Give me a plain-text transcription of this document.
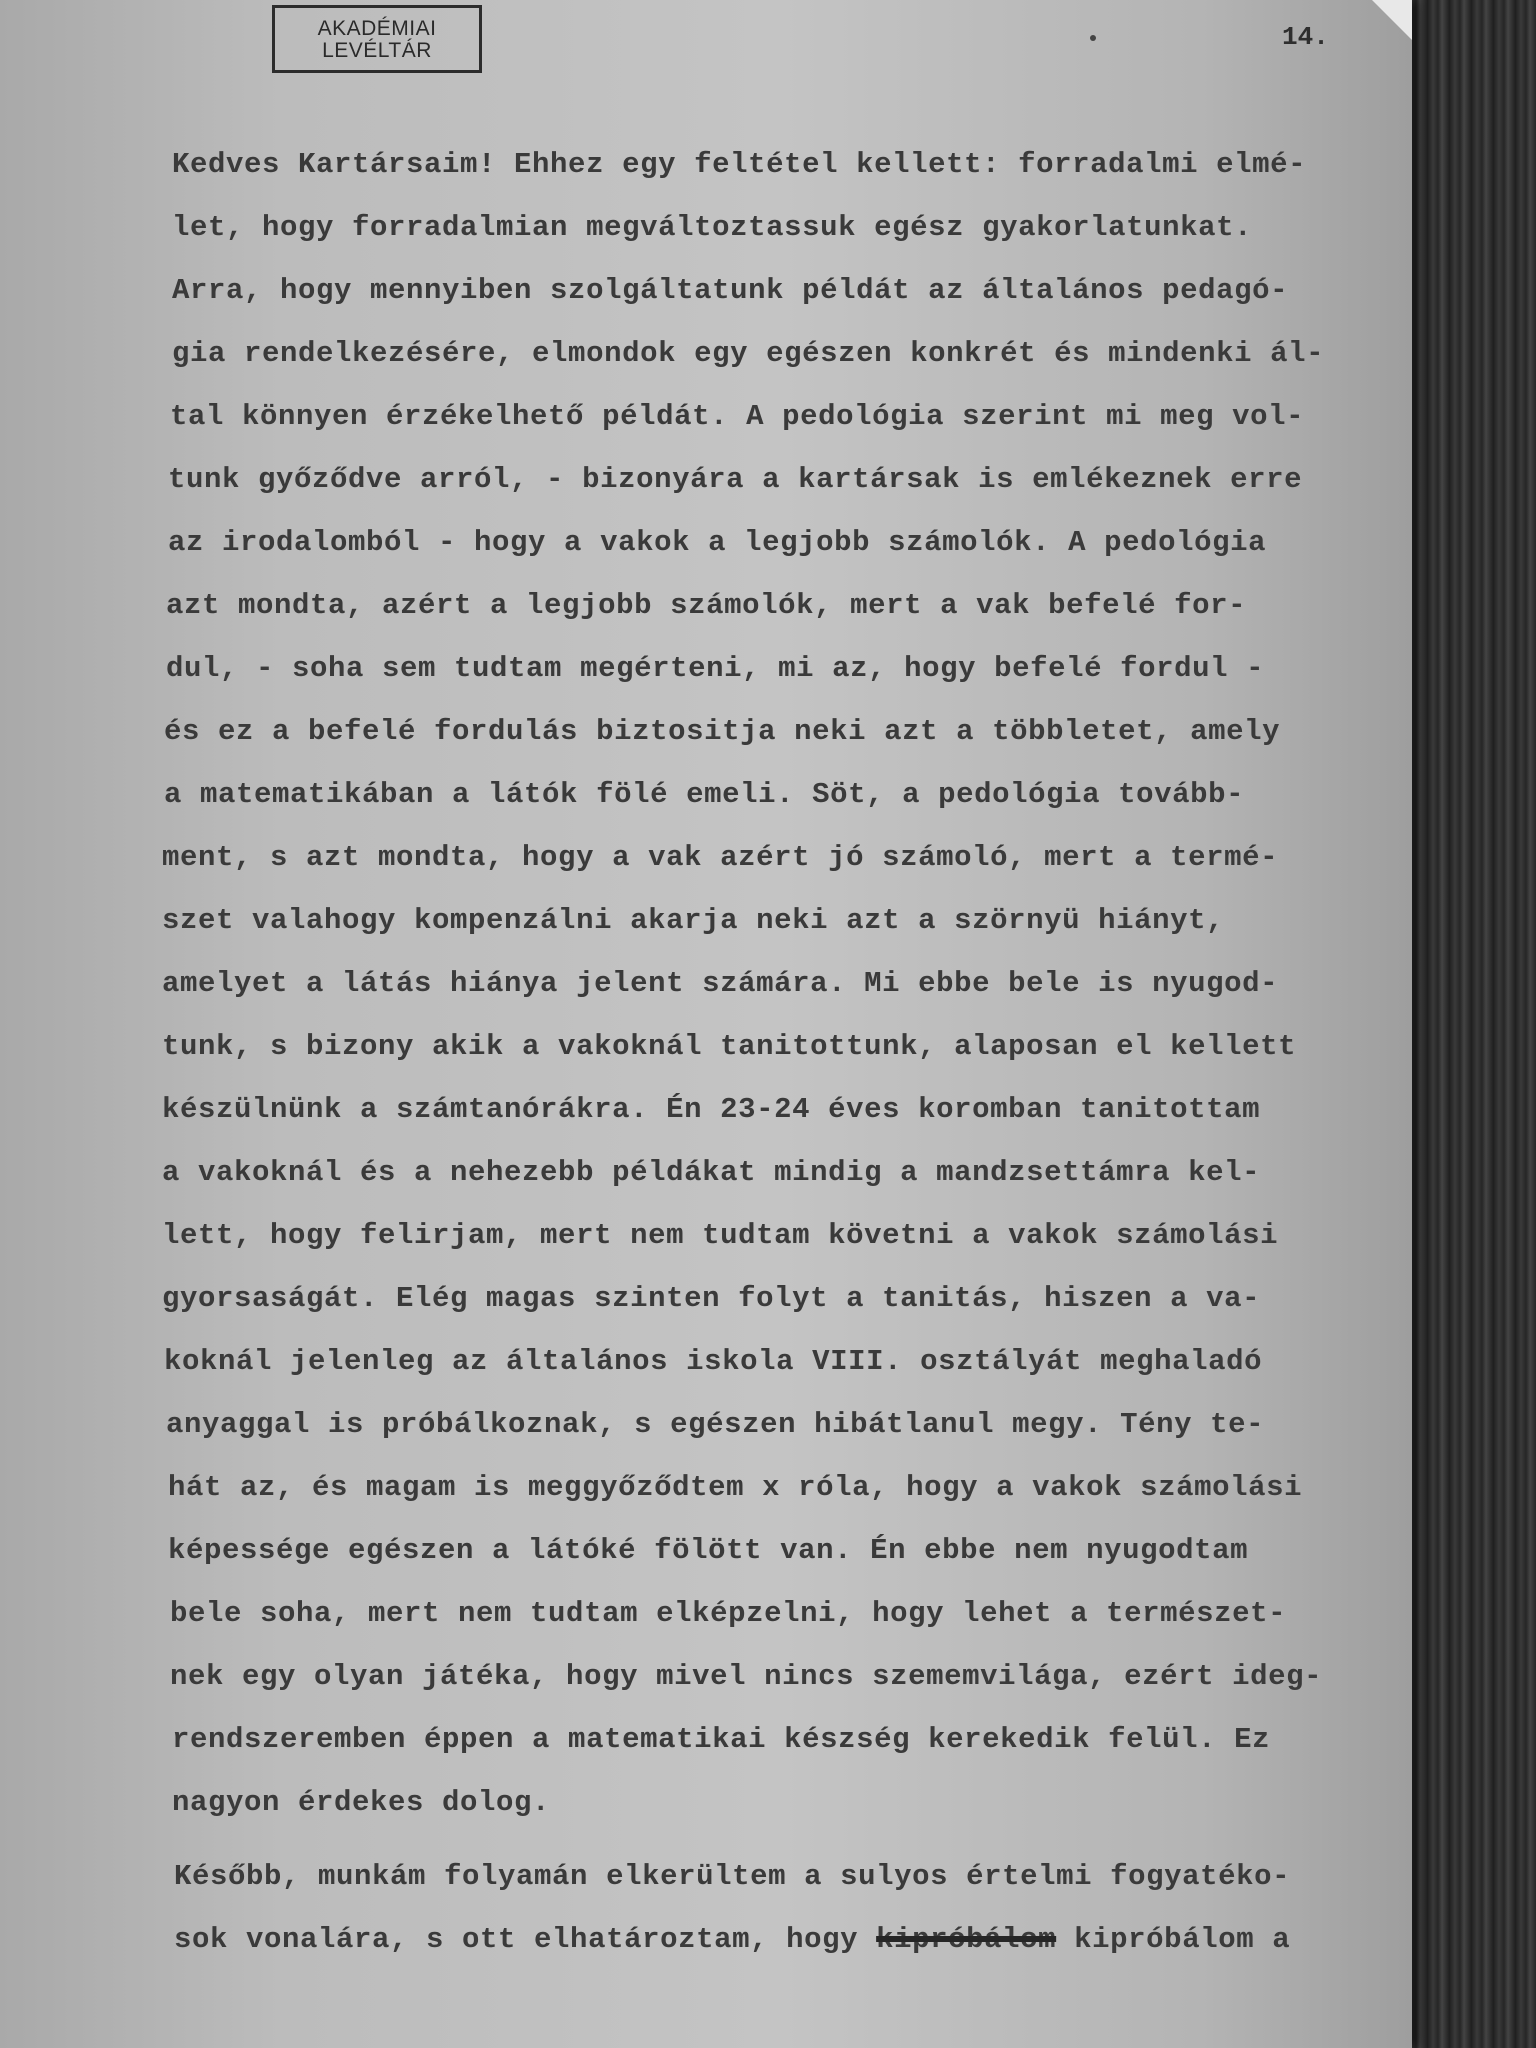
AKADÉMIAI
LEVÉLTÁR	14.
Kedves Kartársaim! Ehhez egy feltétel kellett: forradalmi elmé-
let, hogy forradalmian megváltoztassuk egész gyakorlatunkat.
Arra, hogy mennyiben szolgáltatunk példát az általános pedagó-
gia rendelkezésére, elmondok egy egészen konkrét és mindenki ál-
tal könnyen érzékelhető példát. A pedológia szerint mi meg vol-
tunk győződve arról, - bizonyára a kartársak is emlékeznek erre
az irodalomból - hogy a vakok a legjobb számolók. A pedológia
azt mondta, azért a legjobb számolók, mert a vak befelé for-
dul, - soha sem tudtam megérteni, mi az, hogy befelé fordul -
és ez a befelé fordulás biztositja neki azt a többletet, amely
a matematikában a látók fölé emeli. Söt, a pedológia tovább-
ment, s azt mondta, hogy a vak azért jó számoló, mert a termé-
szet valahogy kompenzálni akarja neki azt a szörnyü hiányt,
amelyet a látás hiánya jelent számára. Mi ebbe bele is nyugod-
tunk, s bizony akik a vakoknál tanitottunk, alaposan el kellett
készülnünk a számtanórákra. Én 23-24 éves koromban tanitottam
a vakoknál és a nehezebb példákat mindig a mandzsettámra kel-
lett, hogy felirjam, mert nem tudtam követni a vakok számolási
gyorsaságát. Elég magas szinten folyt a tanitás, hiszen a va-
koknál jelenleg az általános iskola VIII. osztályát meghaladó
anyaggal is próbálkoznak, s egészen hibátlanul megy. Tény te-
hát az, és magam is meggyőződtem x róla, hogy a vakok számolási
képessége egészen a látóké fölött van. Én ebbe nem nyugodtam
bele soha, mert nem tudtam elképzelni, hogy lehet a természet-
nek egy olyan játéka, hogy mivel nincs szememvilága, ezért ideg-
rendszeremben éppen a matematikai készség kerekedik felül. Ez
nagyon érdekes dolog.
Később, munkám folyamán elkerültem a sulyos értelmi fogyatéko-
sok vonalára, s ott elhatároztam, hogy kipróbálom kipróbálom a
